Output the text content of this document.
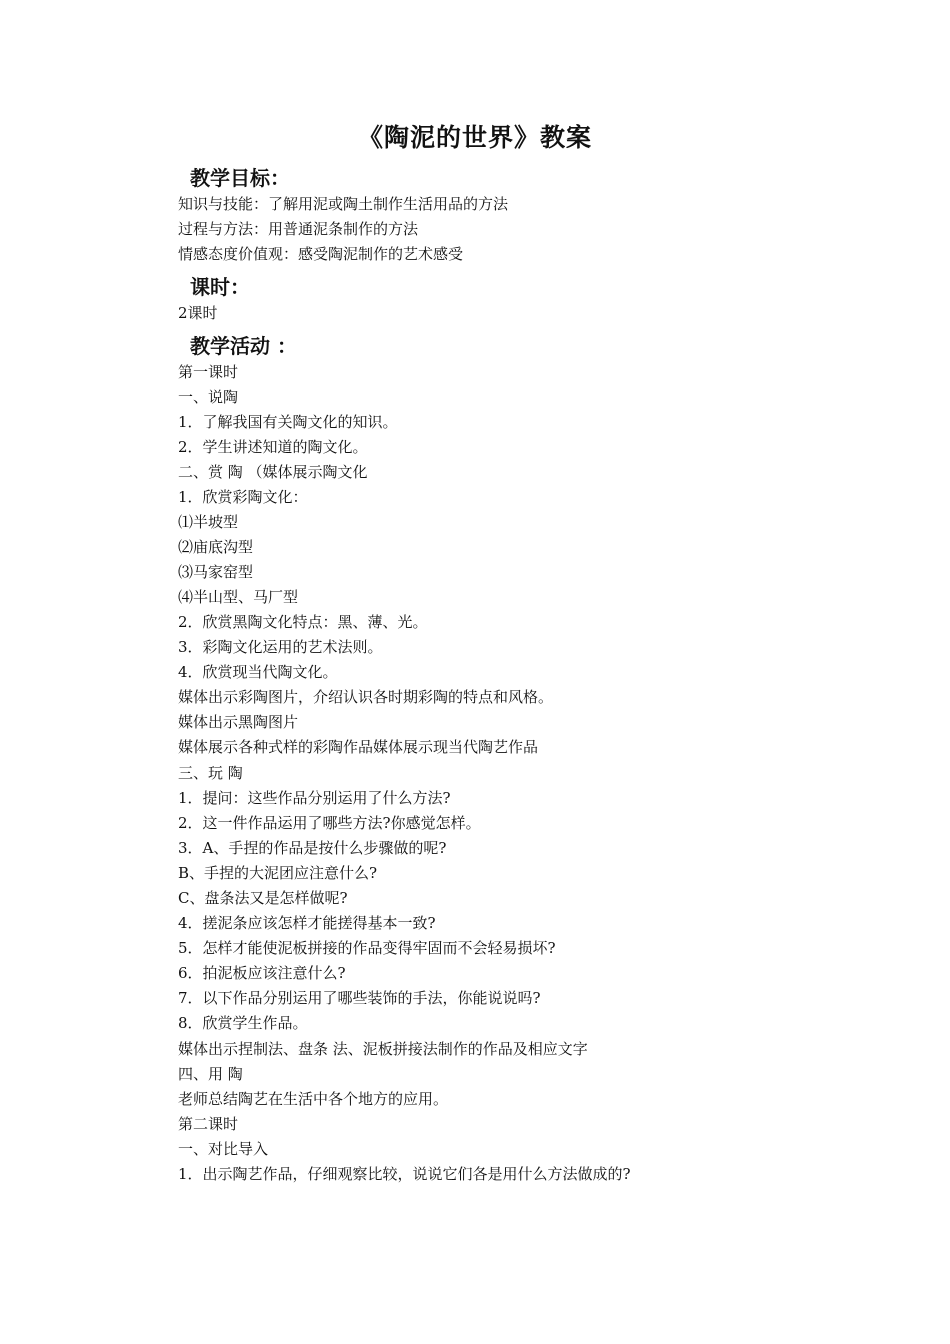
《陶泥的世界》教案
教学目标：
知识与技能：了解用泥或陶土制作生活用品的方法
过程与方法：用普通泥条制作的方法
情感态度价值观：感受陶泥制作的艺术感受
课时：
2课时
教学活动 ：
第一课时
一、说陶
1．了解我国有关陶文化的知识。
2．学生讲述知道的陶文化。
二、赏 陶 （媒体展示陶文化
1．欣赏彩陶文化：
⑴半坡型
⑵庙底沟型
⑶马家窑型
⑷半山型、马厂型
2．欣赏黑陶文化特点：黑、薄、光。
3．彩陶文化运用的艺术法则。
4．欣赏现当代陶文化。
媒体出示彩陶图片，介绍认识各时期彩陶的特点和风格。
媒体出示黑陶图片
媒体展示各种式样的彩陶作品媒体展示现当代陶艺作品
三、玩 陶
1．提问：这些作品分别运用了什么方法?
2．这一件作品运用了哪些方法?你感觉怎样。
3．A、手捏的作品是按什么步骤做的呢?
B、手捏的大泥团应注意什么?
C、盘条法又是怎样做呢?
4．搓泥条应该怎样才能搓得基本一致?
5．怎样才能使泥板拼接的作品变得牢固而不会轻易损坏?
6．拍泥板应该注意什么?
7．以下作品分别运用了哪些装饰的手法，你能说说吗?
8．欣赏学生作品。
媒体出示捏制法、盘条 法、泥板拼接法制作的作品及相应文字
四、用 陶
老师总结陶艺在生活中各个地方的应用。
第二课时
一、对比导入
1．出示陶艺作品，仔细观察比较，说说它们各是用什么方法做成的?
